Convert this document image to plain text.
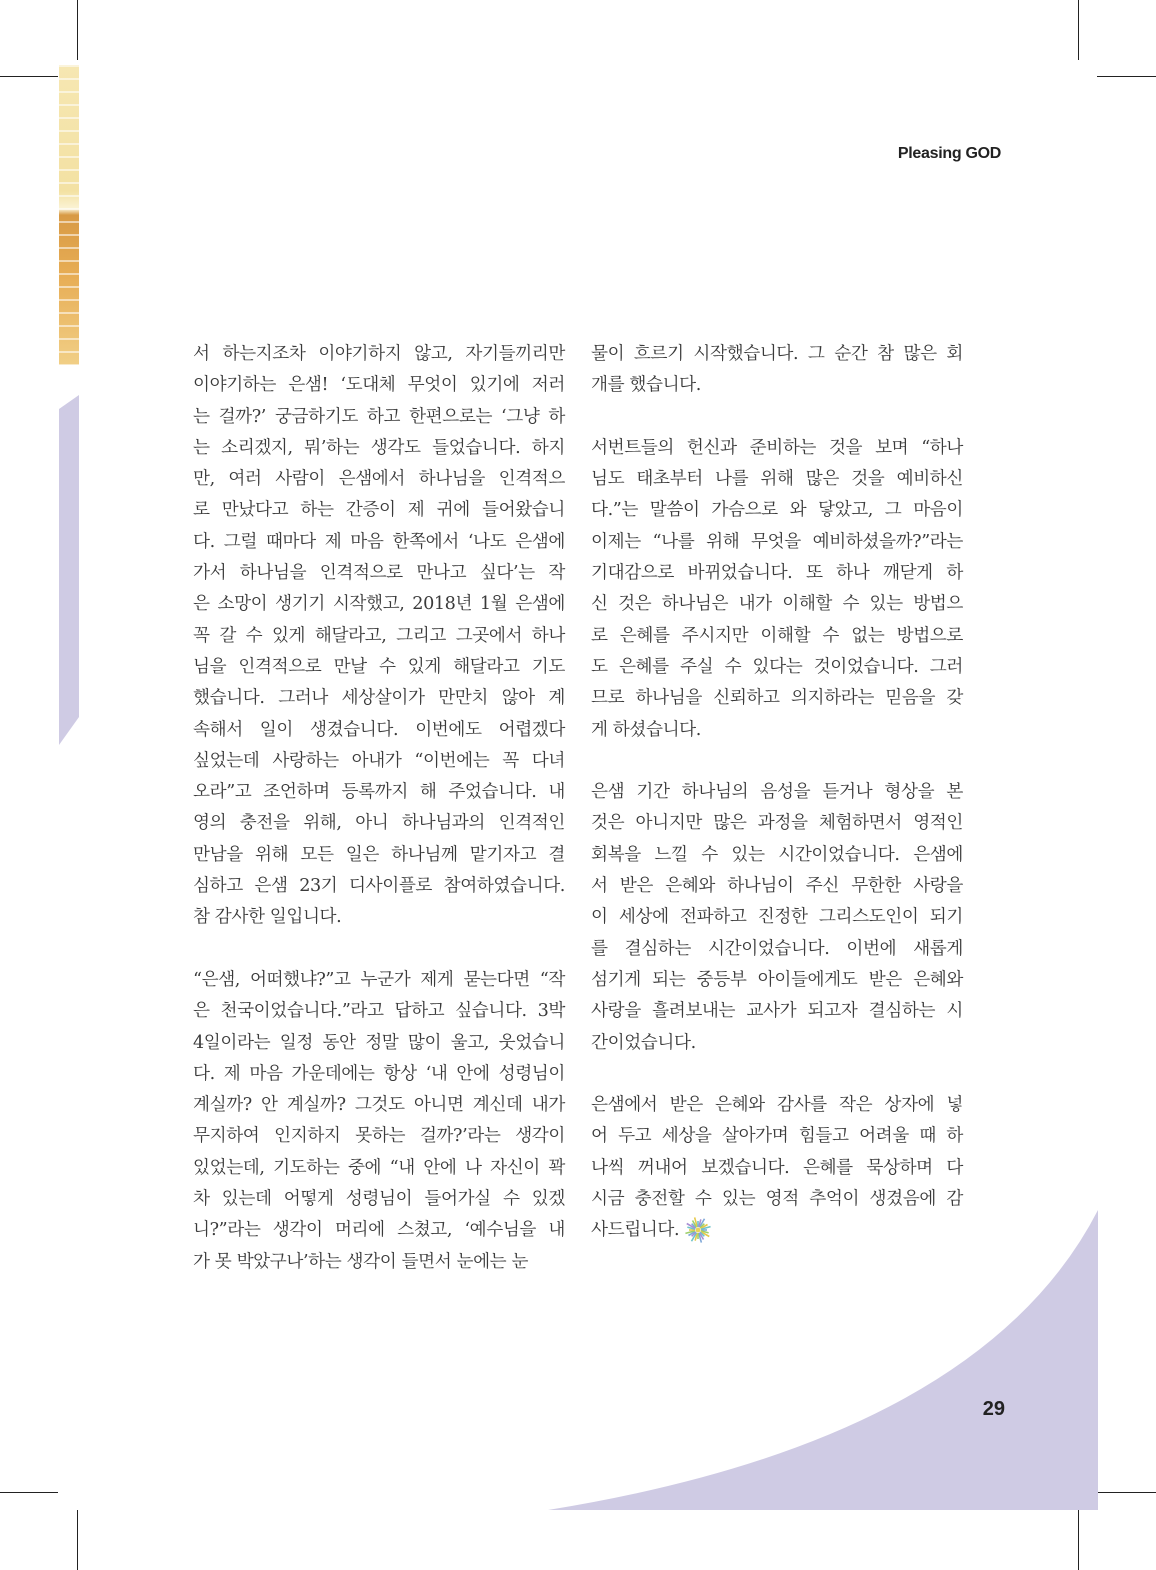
Pleasing GOD
서 하는지조차 이야기하지 않고, 자기들끼리만
이야기하는 은샘! ‘도대체 무엇이 있기에 저러
는 걸까?’ 궁금하기도 하고 한편으로는 ‘그냥 하
는 소리겠지, 뭐’하는 생각도 들었습니다. 하지
만, 여러 사람이 은샘에서 하나님을 인격적으
로 만났다고 하는 간증이 제 귀에 들어왔습니
다. 그럴 때마다 제 마음 한쪽에서 ‘나도 은샘에
가서 하나님을 인격적으로 만나고 싶다’는 작
은 소망이 생기기 시작했고, 2018년 1월 은샘에
꼭 갈 수 있게 해달라고, 그리고 그곳에서 하나
님을 인격적으로 만날 수 있게 해달라고 기도
했습니다. 그러나 세상살이가 만만치 않아 계
속해서 일이 생겼습니다. 이번에도 어렵겠다
싶었는데 사랑하는 아내가 “이번에는 꼭 다녀
오라”고 조언하며 등록까지 해 주었습니다. 내
영의 충전을 위해, 아니 하나님과의 인격적인
만남을 위해 모든 일은 하나님께 맡기자고 결
심하고 은샘 23기 디사이플로 참여하였습니다.
참 감사한 일입니다.
“은샘, 어떠했냐?”고 누군가 제게 묻는다면 “작
은 천국이었습니다.”라고 답하고 싶습니다. 3박
4일이라는 일정 동안 정말 많이 울고, 웃었습니
다. 제 마음 가운데에는 항상 ‘내 안에 성령님이
계실까? 안 계실까? 그것도 아니면 계신데 내가
무지하여 인지하지 못하는 걸까?’라는 생각이
있었는데, 기도하는 중에 “내 안에 나 자신이 꽉
차 있는데 어떻게 성령님이 들어가실 수 있겠
니?”라는 생각이 머리에 스쳤고, ‘예수님을 내
가 못 박았구나’하는 생각이 들면서 눈에는 눈
물이 흐르기 시작했습니다. 그 순간 참 많은 회
개를 했습니다.
서번트들의 헌신과 준비하는 것을 보며 “하나
님도 태초부터 나를 위해 많은 것을 예비하신
다.”는 말씀이 가슴으로 와 닿았고, 그 마음이
이제는 “나를 위해 무엇을 예비하셨을까?”라는
기대감으로 바뀌었습니다. 또 하나 깨닫게 하
신 것은 하나님은 내가 이해할 수 있는 방법으
로 은혜를 주시지만 이해할 수 없는 방법으로
도 은혜를 주실 수 있다는 것이었습니다. 그러
므로 하나님을 신뢰하고 의지하라는 믿음을 갖
게 하셨습니다.
은샘 기간 하나님의 음성을 듣거나 형상을 본
것은 아니지만 많은 과정을 체험하면서 영적인
회복을 느낄 수 있는 시간이었습니다. 은샘에
서 받은 은혜와 하나님이 주신 무한한 사랑을
이 세상에 전파하고 진정한 그리스도인이 되기
를 결심하는 시간이었습니다. 이번에 새롭게
섬기게 되는 중등부 아이들에게도 받은 은혜와
사랑을 흘려보내는 교사가 되고자 결심하는 시
간이었습니다.
은샘에서 받은 은혜와 감사를 작은 상자에 넣
어 두고 세상을 살아가며 힘들고 어려울 때 하
나씩 꺼내어 보겠습니다. 은혜를 묵상하며 다
시금 충전할 수 있는 영적 추억이 생겼음에 감
사드립니다.
29
